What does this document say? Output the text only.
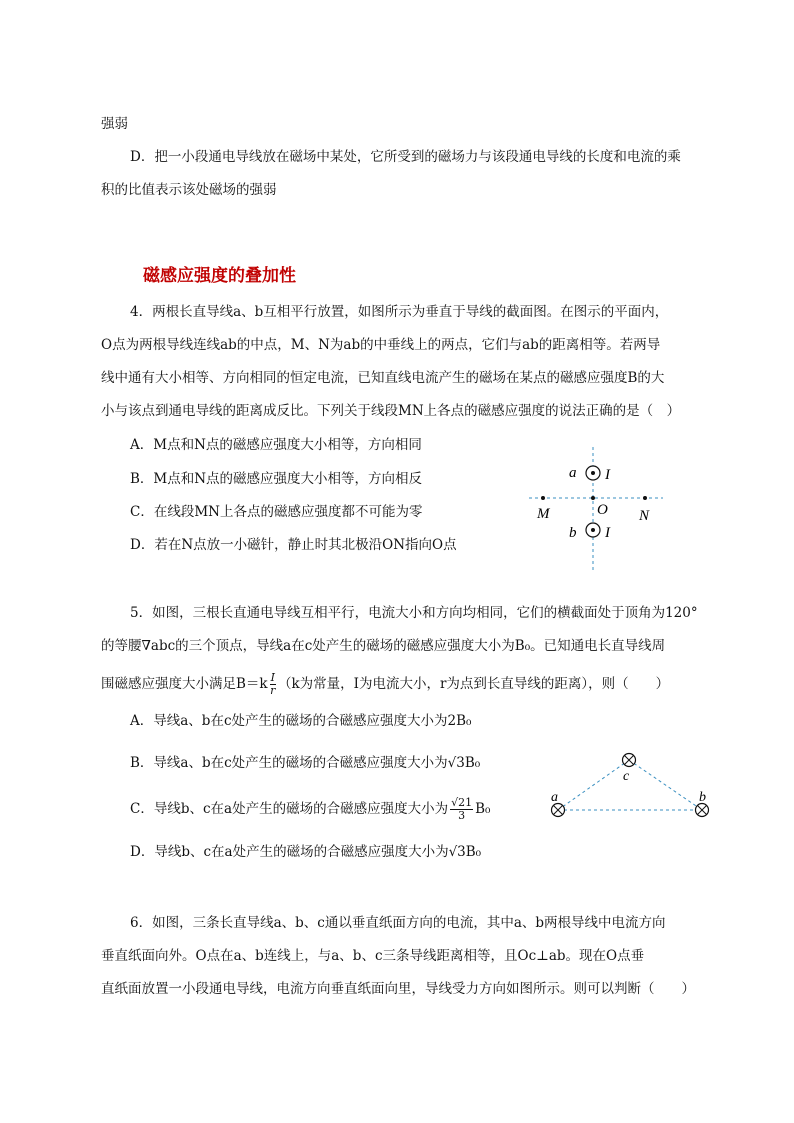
强弱
D．把一小段通电导线放在磁场中某处，它所受到的磁场力与该段通电导线的长度和电流的乘
积的比值表示该处磁场的强弱
磁感应强度的叠加性
4．两根长直导线a、b互相平行放置，如图所示为垂直于导线的截面图。在图示的平面内，
O点为两根导线连线ab的中点，M、N为ab的中垂线上的两点，它们与ab的距离相等。若两导
线中通有大小相等、方向相同的恒定电流，已知直线电流产生的磁场在某点的磁感应强度B的大
小与该点到通电导线的距离成反比。下列关于线段MN上各点的磁感应强度的说法正确的是（　）
A．M点和N点的磁感应强度大小相等，方向相同
B．M点和N点的磁感应强度大小相等，方向相反
C．在线段MN上各点的磁感应强度都不可能为零
D．若在N点放一小磁针，静止时其北极沿ON指向O点
a I
M	O N
b I
5．如图，三根长直通电导线互相平行，电流大小和方向均相同，它们的横截面处于顶角为120°
的等腰∇abc的三个顶点，导线a在c处产生的磁场的磁感应强度大小为B₀。已知通电长直导线周
围磁感应强度大小满足$B=k \frac{I}{r} (k$为常量，I为电流大小，r为点到长直导线的距离），则（　　）
A．导线a、b在c处产生的磁场的合磁感应强度大小为2B₀
B．导线a、b在c处产生的磁场的合磁感应强度大小为√3B₀
C．导线b、c在a处产生的磁场的合磁感应强度大小为 $\frac{√21}{3} B_0$
D．导线b、c在a处产生的磁场的合磁感应强度大小为√3B₀
c
a	b
6．如图，三条长直导线a、b、c通以垂直纸面方向的电流，其中a、b两根导线中电流方向
垂直纸面向外。O点在a、b连线上，与a、b、c三条导线距离相等，且Oc⊥ab。现在O点垂
直纸面放置一小段通电导线，电流方向垂直纸面向里，导线受力方向如图所示。则可以判断（　　）
